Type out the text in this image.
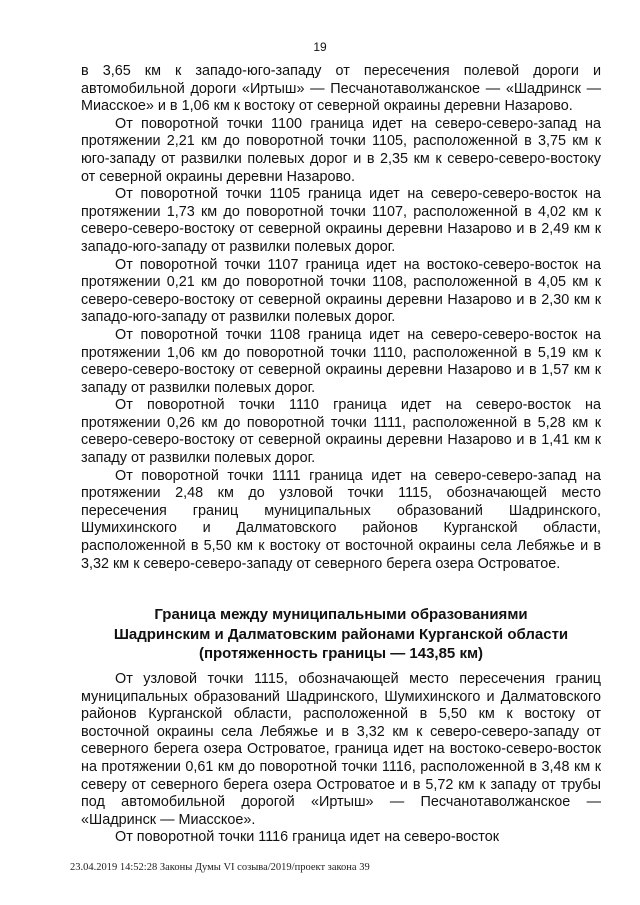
19

в 3,65 км к западо-юго-западу от пересечения полевой дороги и автомобильной дороги «Иртыш» — Песчанотаволжанское — «Шадринск — Миасское» и в 1,06 км к востоку от северной окраины деревни Назарово.

От поворотной точки 1100 граница идет на северо-северо-запад на протяжении 2,21 км до поворотной точки 1105, расположенной в 3,75 км к юго-западу от развилки полевых дорог и в 2,35 км к северо-северо-востоку от северной окраины деревни Назарово.

От поворотной точки 1105 граница идет на северо-северо-восток на протяжении 1,73 км до поворотной точки 1107, расположенной в 4,02 км к северо-северо-востоку от северной окраины деревни Назарово и в 2,49 км к западо-юго-западу от развилки полевых дорог.

От поворотной точки 1107 граница идет на востоко-северо-восток на протяжении 0,21 км до поворотной точки 1108, расположенной в 4,05 км к северо-северо-востоку от северной окраины деревни Назарово и в 2,30 км к западо-юго-западу от развилки полевых дорог.

От поворотной точки 1108 граница идет на северо-северо-восток на протяжении 1,06 км до поворотной точки 1110, расположенной в 5,19 км к северо-северо-востоку от северной окраины деревни Назарово и в 1,57 км к западу от развилки полевых дорог.

От поворотной точки 1110 граница идет на северо-восток на протяжении 0,26 км до поворотной точки 1111, расположенной в 5,28 км к северо-северо-востоку от северной окраины деревни Назарово и в 1,41 км к западу от развилки полевых дорог.

От поворотной точки 1111 граница идет на северо-северо-запад на протяжении 2,48 км до узловой точки 1115, обозначающей место пересечения границ муниципальных образований Шадринского, Шумихинского и Далматовского районов Курганской области, расположенной в 5,50 км к востоку от восточной окраины села Лебяжье и в 3,32 км к северо-северо-западу от северного берега озера Островатое.

Граница между муниципальными образованиями
Шадринским и Далматовским районами Курганской области
(протяженность границы — 143,85 км)

От узловой точки 1115, обозначающей место пересечения границ муниципальных образований Шадринского, Шумихинского и Далматовского районов Курганской области, расположенной в 5,50 км к востоку от восточной окраины села Лебяжье и в 3,32 км к северо-северо-западу от северного берега озера Островатое, граница идет на востоко-северо-восток на протяжении 0,61 км до поворотной точки 1116, расположенной в 3,48 км к северу от северного берега озера Островатое и в 5,72 км к западу от трубы под автомобильной дорогой «Иртыш» — Песчанотаволжанское — «Шадринск — Миасское».

От поворотной точки 1116 граница идет на северо-восток

23.04.2019 14:52:28 Законы Думы VI созыва/2019/проект закона 39
